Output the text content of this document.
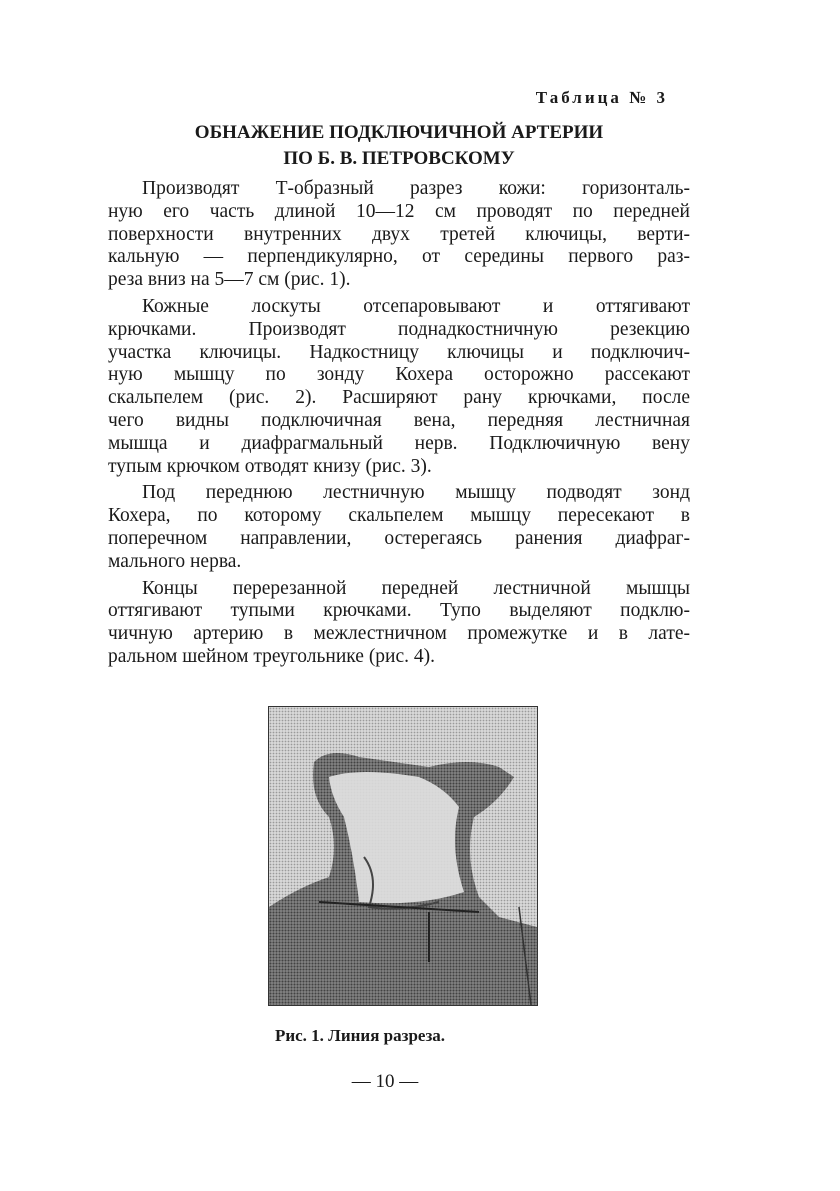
Таблица № 3
ОБНАЖЕНИЕ ПОДКЛЮЧИЧНОЙ АРТЕРИИ
ПО Б. В. ПЕТРОВСКОМУ
Производят Т-образный разрез кожи: горизонталь-
ную его часть длиной 10—12 см проводят по передней
поверхности внутренних двух третей ключицы, верти-
кальную — перпендикулярно, от середины первого раз-
реза вниз на 5—7 см (рис. 1).
Кожные лоскуты отсепаровывают и оттягивают
крючками. Производят поднадкостничную резекцию
участка ключицы. Надкостницу ключицы и подключич-
ную мышцу по зонду Кохера осторожно рассекают
скальпелем (рис. 2). Расширяют рану крючками, после
чего видны подключичная вена, передняя лестничная
мышца и диафрагмальный нерв. Подключичную вену
тупым крючком отводят книзу (рис. 3).
Под переднюю лестничную мышцу подводят зонд
Кохера, по которому скальпелем мышцу пересекают в
поперечном направлении, остерегаясь ранения диафраг-
мального нерва.
Концы перерезанной передней лестничной мышцы
оттягивают тупыми крючками. Тупо выделяют подклю-
чичную артерию в межлестничном промежутке и в лате-
ральном шейном треугольнике (рис. 4).
Рис. 1. Линия разреза.
— 10 —
